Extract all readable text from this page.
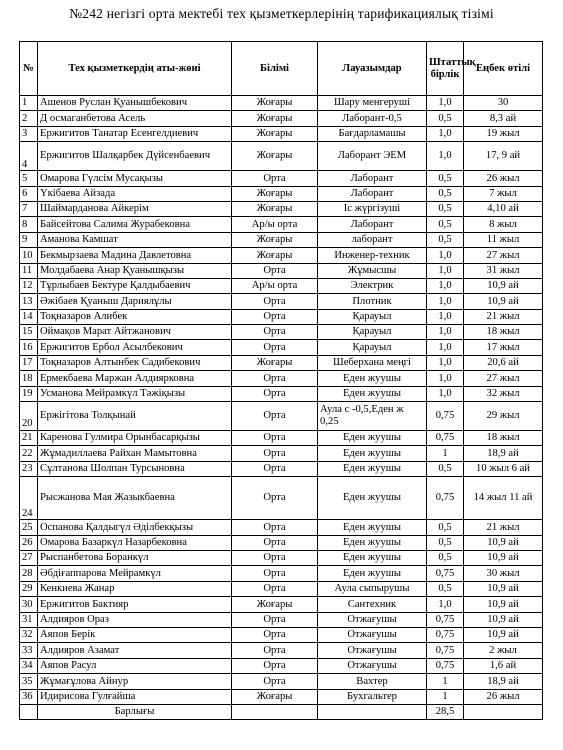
№242 негізгі орта мектебі тех қызметкерлерінің тарификациялық тізімі
№	Тех қызметкердің аты-жөні	Білімі	Лауазымдар	Штаттық бірлік	Еңбек өтілі
1	Ашенов Руслан Қуанышбекович	Жоғары	Шару менгеруші	1,0	30
2	Д осмаганбетова Асель	Жоғары	Лаборант-0,5	0,5	8,3 ай
3	Ержигитов Танатар Есенгелдиевич	Жоғары	Бағдарламашы	1,0	19 жыл
4	Ержигитов Шалқарбек Дүйсенбаевич	Жоғары	Лаборант ЭЕМ	1,0	17, 9 ай
5	Омарова Гүлсім Мусақызы	Орта	Лаборант	0,5	26 жыл
6	Үкібаева Айзада	Жоғары	Лаборант	0,5	7 жыл
7	Шаймарданова Айкерім	Жоғары	Іс жүргізуші	0,5	4,10 ай
8	Байсейтова Салима Журабековна	Ар/ы орта	Лаборант	0,5	8 жыл
9	Аманова Камшат	Жоғары	лаборант	0,5	11 жыл
10	Бекмырзаева Мадина Давлетовна	Жоғары	Инженер-техник	1,0	27 жыл
11	Молдабаева Анар Қуанышқызы	Орта	Жұмысшы	1,0	31 жыл
12	Тұрлыбаев Бектуре Қалдыбаевич	Ар/ы орта	Электрик	1,0	10,9 ай
13	Әжібаев Қуаныш Дариялұлы	Орта	Плотник	1,0	10,9 ай
14	Тоқназаров Алибек	Орта	Қарауыл	1,0	21 жыл
15	Оймақов Марат Айтжанович	Орта	Қарауыл	1,0	18 жыл
16	Ержигитов Ербол Асылбекович	Орта	Қарауыл	1,0	17 жыл
17	Тоқназаров Алтынбек Садибекович	Жоғары	Шеберхана меңгі	1,0	20,6 ай
18	Ермекбаева Маржан Алдиярковна	Орта	Еден жуушы	1,0	27 жыл
19	Усманова Мейрамкүл Тәжіқызы	Орта	Еден жуушы	1,0	32 жыл
20	Ержігітова Толқынай	Орта	Аула с -0,5,Еден ж 0,25	0,75	29 жыл
21	Каренова Гулмира Орынбасарқызы	Орта	Еден жуушы	0,75	18 жыл
22	Жұмадиллаева Райхан Мамытовна	Орта	Еден жуушы	1	18,9 ай
23	Сұлтанова Шолпан Турсыновна	Орта	Еден жуушы	0,5	10 жыл 6 ай
24	Рысжанова Мая Жазыкбаевна	Орта	Еден жуушы	0,75	14 жыл 11 ай
25	Оспанова Қалдыгүл Әділбекқызы	Орта	Еден жуушы	0,5	21 жыл
26	Омарова Базаркүл Назарбековна	Орта	Еден жуушы	0,5	10,9 ай
27	Рыспанбетова Боранкүл	Орта	Еден жуушы	0,5	10,9 ай
28	Әбдіғаппарова Мейрамкүл	Орта	Еден жуушы	0,75	30 жыл
29	Кенкиева Жанар	Орта	Аула сыпырушы	0,5	10,9 ай
30	Ержигитов Бактияр	Жоғары	Сантехник	1,0	10,9 ай
31	Алдияров Ораз	Орта	Отжағушы	0,75	10,9 ай
32	Аяпов Берік	Орта	Отжағушы	0,75	10,9 ай
33	Алдияров Азамат	Орта	Отжағушы	0,75	2 жыл
34	Аяпов Расул	Орта	Отжағушы	0,75	1,6 ай
35	Жұмағұлова Айнур	Орта	Вахтер	1	18,9 ай
36	Идирисова Гулғайша	Жоғары	Бухгальтер	1	26 жыл
	Барлығы			28,5	
